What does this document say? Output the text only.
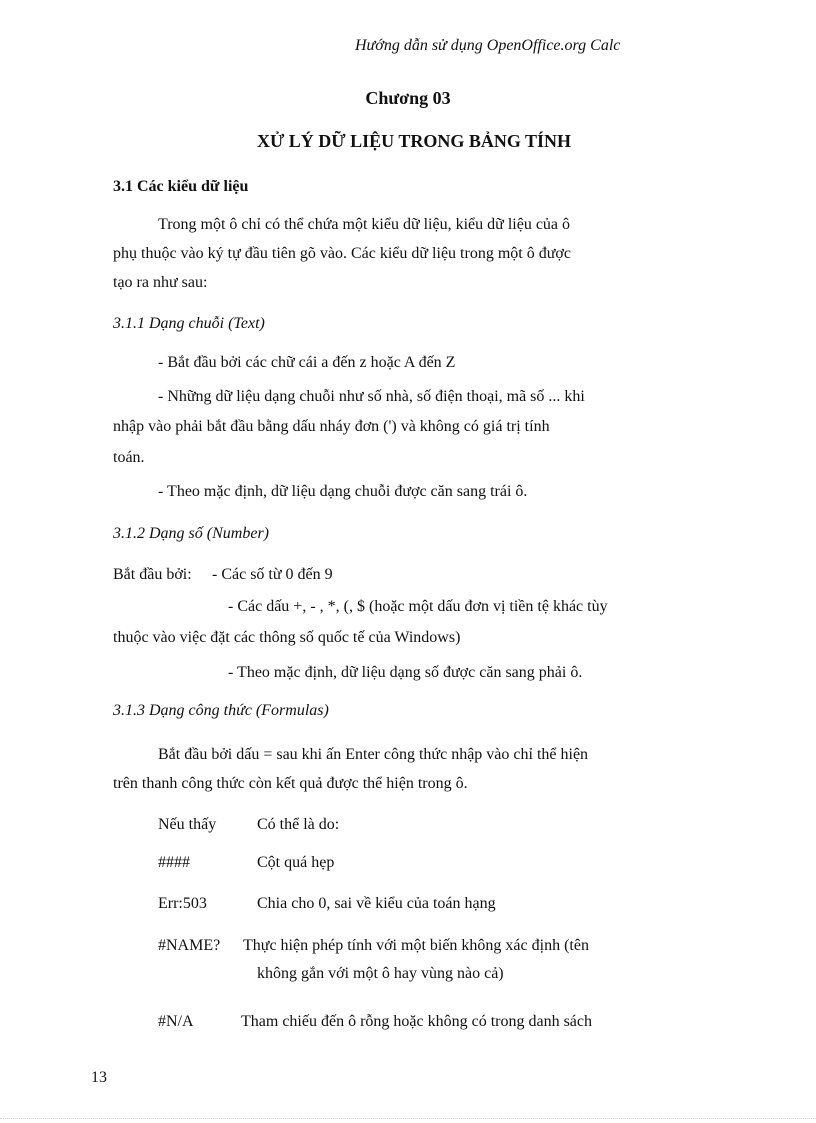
Hướng dẫn sử dụng OpenOffice.org Calc
Chương 03
XỬ LÝ DỮ LIỆU TRONG BẢNG TÍNH
3.1 Các kiểu dữ liệu
Trong một ô chỉ có thể chứa một kiểu dữ liệu, kiểu dữ liệu của ô
phụ thuộc vào ký tự đầu tiên gõ vào. Các kiểu dữ liệu trong một ô được
tạo ra như sau:
3.1.1 Dạng chuỗi (Text)
- Bắt đầu bởi các chữ cái a đến z hoặc A đến Z
- Những dữ liệu dạng chuỗi như số nhà, số điện thoại, mã số ... khi
nhập vào phải bắt đầu bằng dấu nháy đơn (') và không có giá trị tính
toán.
- Theo mặc định, dữ liệu dạng chuỗi được căn sang trái ô.
3.1.2 Dạng số (Number)
Bắt đầu bởi: - Các số từ 0 đến 9
- Các dấu +, - , *, (, $ (hoặc một dấu đơn vị tiền tệ khác tùy
thuộc vào việc đặt các thông số quốc tế của Windows)
- Theo mặc định, dữ liệu dạng số được căn sang phải ô.
3.1.3 Dạng công thức (Formulas)
Bắt đầu bởi dấu = sau khi ấn Enter công thức nhập vào chỉ thể hiện
trên thanh công thức còn kết quả được thể hiện trong ô.
Nếu thấy	Có thể là do:
####	Cột quá hẹp
Err:503	Chia cho 0, sai về kiểu của toán hạng
#NAME? Thực hiện phép tính với một biến không xác định (tên
không gắn với một ô hay vùng nào cả)
#N/A	Tham chiếu đến ô rỗng hoặc không có trong danh sách
13
